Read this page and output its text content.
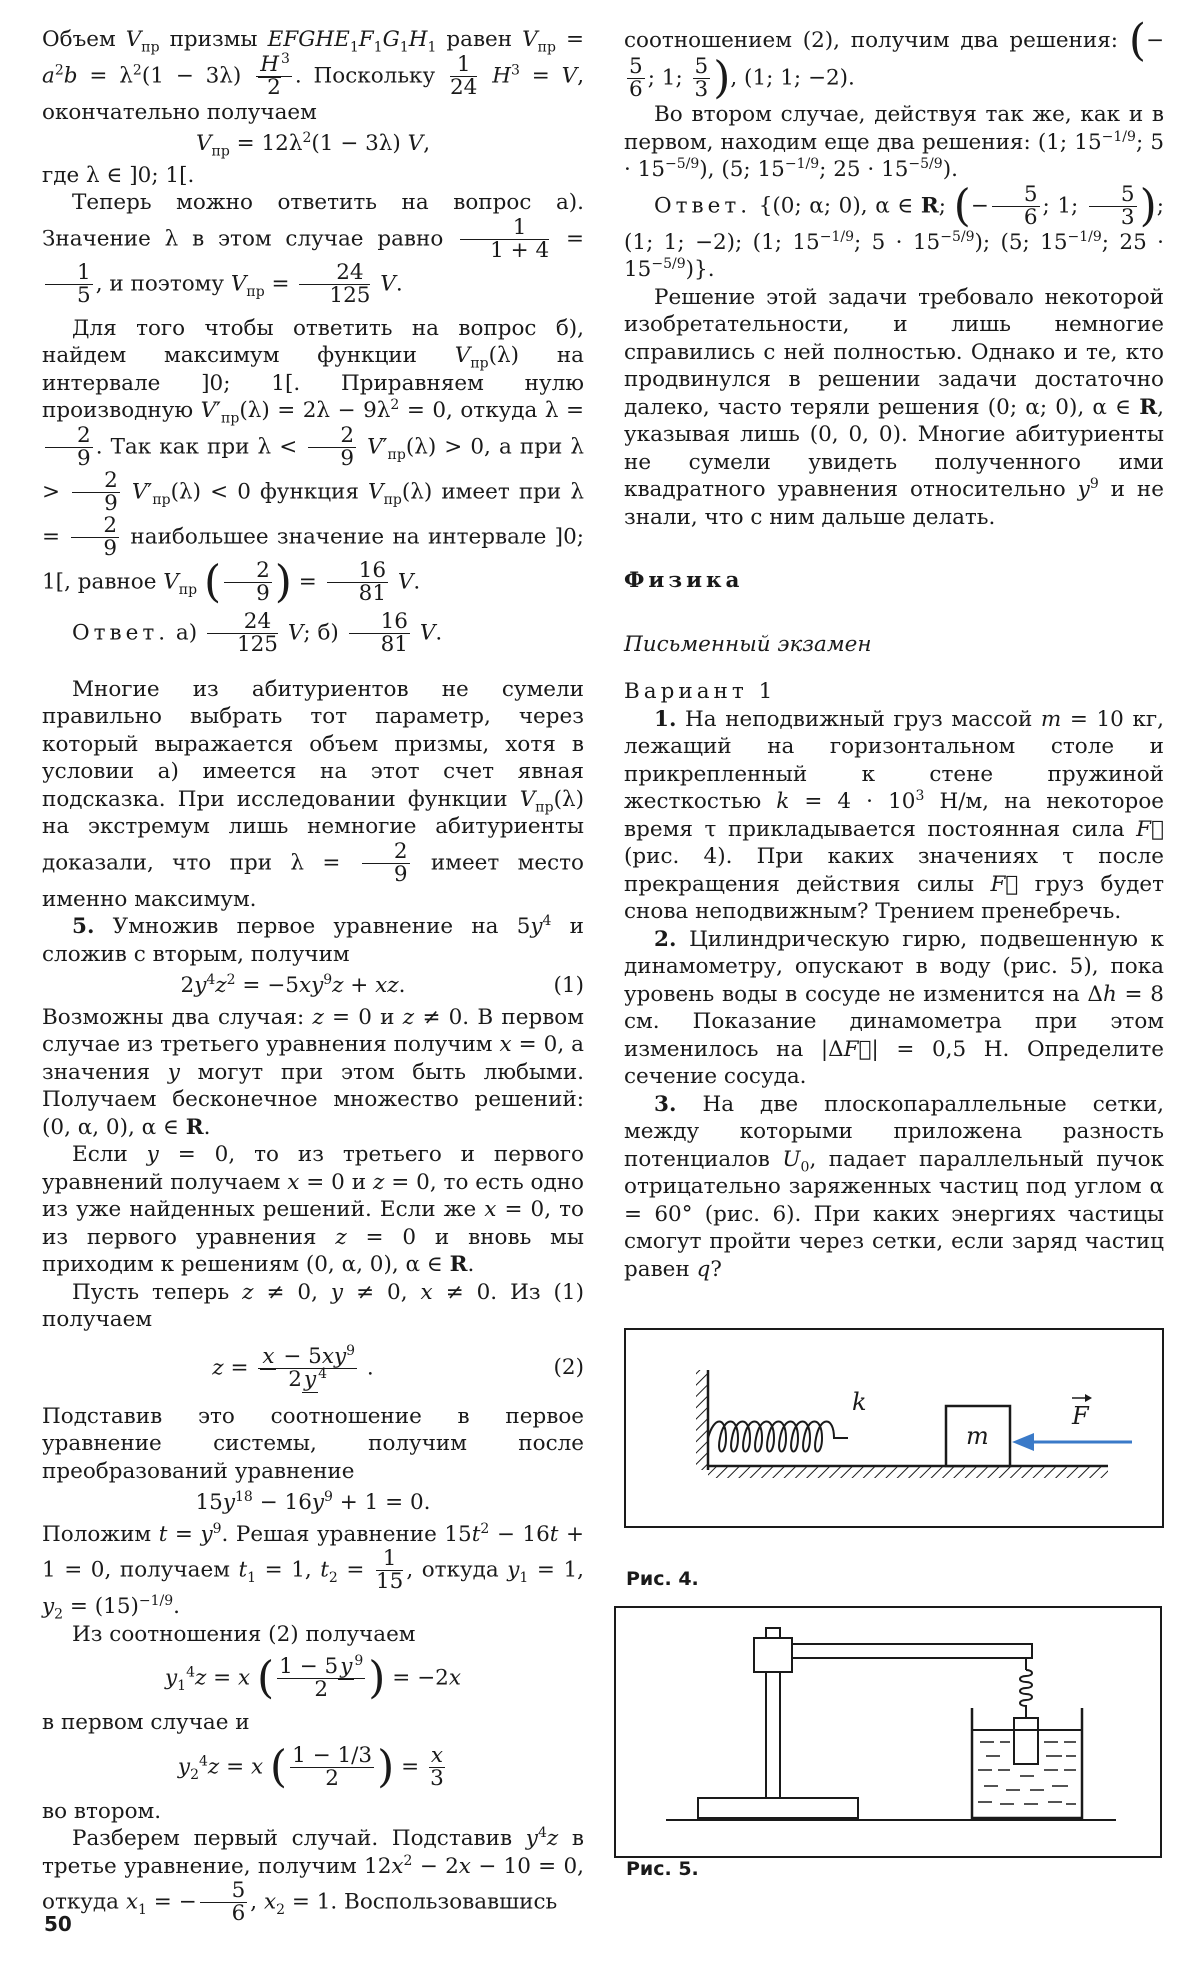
Объем $V_{пр}$ призмы $EFGHE_1F_1G_1H_1$ равен $V_{пр} = a^2b = \lambda^2(1 - 3\lambda) \frac{H ^3}{2}$ . Поскольку $\frac{1}{24} H^3 = V$, окончательно получаем

$V_{пр} = 12\lambda^2(1 - 3\lambda)$ V,

где λ ∈ ]0; 1[.

Теперь можно ответить на вопрос а). Значение λ в этом случае равно $\frac{1}{1 + 4}$ =
$\frac{1}{5}$ , и поэтому $V_{пр} = \frac{24}{125} V$.

Для того чтобы ответить на вопрос б), найдем максимум функции $V_{пр}(\lambda)$ на интервале ]0; 1[. Приравняем нулю производную $V'_{пр}(\lambda) = 2\lambda - 9\lambda^2 = 0$, откуда λ =
$\frac{2}{9}$ . Так как при $\lambda < \frac{2}{9} V'_{пр}(\lambda) > 0$, а при $\lambda > \frac{2}{9} V'_{пр}(\lambda) < 0$ функция $V_{пр}(\lambda)$ имеет при $\lambda = \frac{2}{9}$ наибольшее значение на интервале ]0; 1[, равное $V_{пр}$ ( $\frac{2}{9}$ ) = $\frac{16}{81} V$.

Ответ. $а) \frac{24}{125} V$; $б) \frac{16}{81} V$.

Многие из абитуриентов не сумели правильно выбрать тот параметр, через который выражается объем призмы, хотя в условии а) имеется на этот счет явная подсказка. При исследовании функции $V_{пр}(\lambda)$ на экстремум лишь немногие абитуриенты доказали, что при $\lambda = \frac{2}{9}$ имеет место именно максимум.

5. Умножив первое уравнение на $5y^4$ и сложив с вторым, получим

$2y^4z^2 = -5xy^9z$ + xz.	(1)

Возможны два случая: z = 0 и z ≠ 0. В первом случае из третьего уравнения получим x = 0, а значения y могут при этом быть любыми. Получаем бесконечное множество решений: (0, α, 0), α ∈ R.

Если y = 0, то из третьего и первого уравнений получаем x = 0 и z = 0, то есть одно из уже найденных решений. Если же x = 0, то из первого уравнения z = 0 и вновь мы приходим к решениям (0, α, 0), α ∈ R.

Пусть теперь z ≠ 0, y ≠ 0, x ≠ 0. Из (1) получаем

$z = \frac{x - 5xy^9}{2y ^4}$ .	(2)

Подставив это соотношение в первое уравнение системы, получим после преобразований уравнение

$15y^{18} - 16y^9 + 1 = 0$.

Положим $t = y^9$. Решая уравнение $15t^2 - 16t + 1 = 0$, получаем $t_1 = 1$, $t_2 = \frac{1}{15}$ , откуда $y_1 = 1$, $y_2 = (15)^{-1/9}$.

Из соотношения (2) получаем

$y_1^4z = x$ ( $\frac{1 - 5y ^9}{2}$ ) = −2x

в первом случае и

$y_2^4z = x$ ( $\frac{1 - 1/3}{2}$ ) = $\frac{x}{3}$

во втором.

Разберем первый случай. Подставив $y^4z$ в третье уравнение, получим $12x^2 - 2x - 10 = 0$, откуда $x_1$ = − $\frac{5}{6}$ , $x_2 = 1$. Воспользовавшись

соотношением (2), получим два решения: (−
$\frac{5}{6}$ ; 1; $\frac{5}{3}$ ), (1; 1; −2).

Во втором случае, действуя так же, как и в первом, находим еще два решения: (1; $15^{-1/9}$; $5 \cdot 15^{-5/9}$), (5; $15^{-1/9}$; $25 \cdot 15^{-5/9}$).

Ответ. {(0; α; 0), α ∈ R; (− $\frac{5}{6}$ ; 1; $\frac{5}{3}$ ); (1; 1; −2); (1; $15^{-1/9}$; $5 \cdot 15^{-5/9}$); (5; $15^{-1/9}$; $25 \cdot 15^{-5/9}$)}.

Решение этой задачи требовало некоторой изобретательности, и лишь немногие справились с ней полностью. Однако и те, кто продвинулся в решении задачи достаточно далеко, часто теряли решения (0; α; 0), α ∈ R, указывая лишь (0, 0, 0). Многие абитуриенты не сумели увидеть полученного ими квадратного уравнения относительно $y^9$ и не знали, что с ним дальше делать.

Физика

Письменный экзамен

Вариант 1

1. На неподвижный груз массой m = 10 кг, лежащий на горизонтальном столе и прикрепленный к стене пружиной жесткостью $k = 4 \cdot 10^3$ Н/м, на некоторое время τ прикладывается постоянная сила F⃗ (рис. 4). При каких значениях τ после прекращения действия силы F⃗ груз будет снова неподвижным? Трением пренебречь.

2. Цилиндрическую гирю, подвешенную к динамометру, опускают в воду (рис. 5), пока уровень воды в сосуде не изменится на Δh = 8 см. Показание динамометра при этом изменилось на |ΔF⃗| = 0,5 Н. Определите сечение сосуда.

3. На две плоскопараллельные сетки, между которыми приложена разность потенциалов $U_0$, падает параллельный пучок отрицательно заряженных частиц под углом α = 60° (рис. 6). При каких энергиях частицы смогут пройти через сетки, если заряд частиц равен q?

k
m
F
Рис. 4.
Рис. 5.
50
